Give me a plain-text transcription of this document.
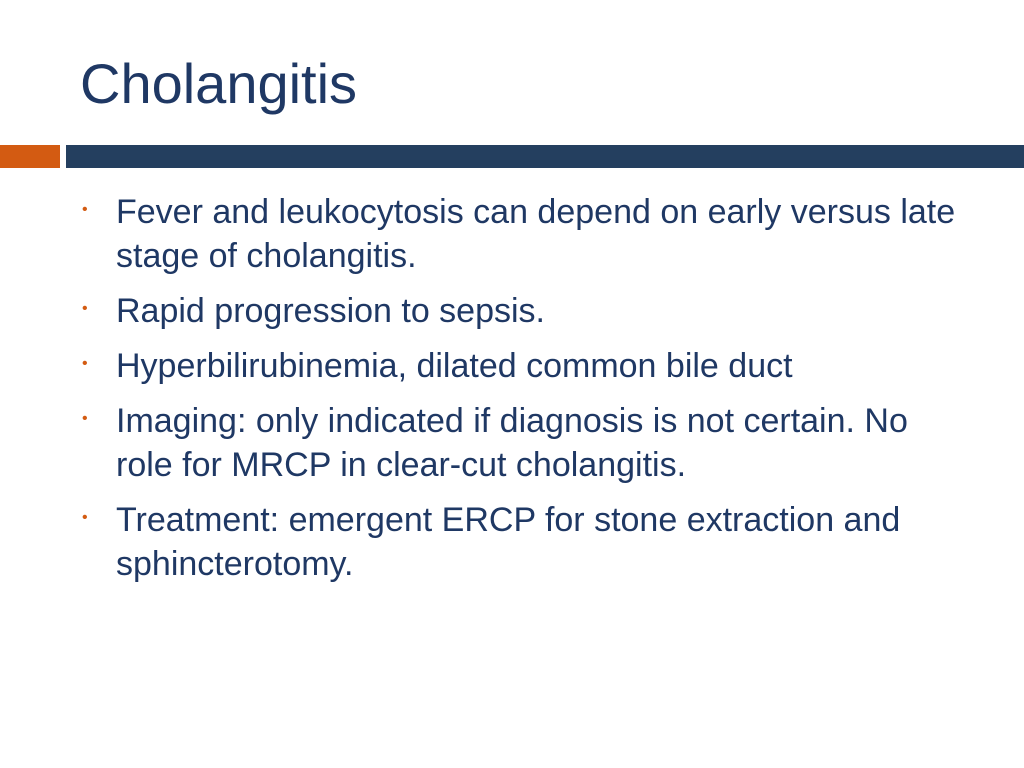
Cholangitis
• Fever and leukocytosis can depend on early versus late stage of cholangitis.
• Rapid progression to sepsis.
• Hyperbilirubinemia, dilated common bile duct
• Imaging: only indicated if diagnosis is not certain. No role for MRCP in clear-cut cholangitis.
• Treatment: emergent ERCP for stone extraction and sphincterotomy.
